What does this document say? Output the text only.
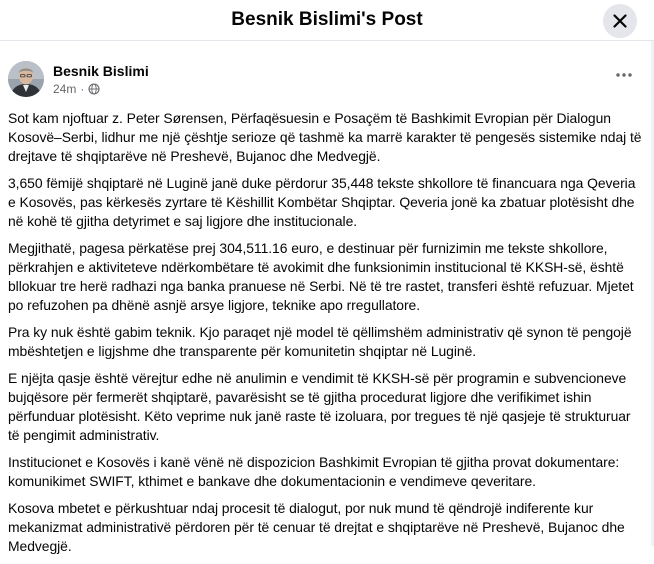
Besnik Bislimi's Post
Besnik Bislimi
24m ·

Sot kam njoftuar z. Peter Sørensen, Përfaqësuesin e Posaçëm të Bashkimit Evropian për Dialogun Kosovë–Serbi, lidhur me një çështje serioze që tashmë ka marrë karakter të pengesës sistemike ndaj të drejtave të shqiptarëve në Preshevë, Bujanoc dhe Medvegjë.

3,650 fëmijë shqiptarë në Luginë janë duke përdorur 35,448 tekste shkollore të financuara nga Qeveria e Kosovës, pas kërkesës zyrtare të Këshillit Kombëtar Shqiptar. Qeveria jonë ka zbatuar plotësisht dhe në kohë të gjitha detyrimet e saj ligjore dhe institucionale.

Megjithatë, pagesa përkatëse prej 304,511.16 euro, e destinuar për furnizimin me tekste shkollore, përkrahjen e aktiviteteve ndërkombëtare të avokimit dhe funksionimin institucional të KKSH-së, është bllokuar tre herë radhazi nga banka pranuese në Serbi. Në të tre rastet, transferi është refuzuar. Mjetet po refuzohen pa dhënë asnjë arsye ligjore, teknike apo rregullatore.

Pra ky nuk është gabim teknik. Kjo paraqet një model të qëllimshëm administrativ që synon të pengojë mbështetjen e ligjshme dhe transparente për komunitetin shqiptar në Luginë.

E njëjta qasje është vërejtur edhe në anulimin e vendimit të KKSH-së për programin e subvencioneve bujqësore për fermerët shqiptarë, pavarësisht se të gjitha procedurat ligjore dhe verifikimet ishin përfunduar plotësisht. Këto veprime nuk janë raste të izoluara, por tregues të një qasjeje të strukturuar të pengimit administrativ.

Institucionet e Kosovës i kanë vënë në dispozicion Bashkimit Evropian të gjitha provat dokumentare: komunikimet SWIFT, kthimet e bankave dhe dokumentacionin e vendimeve qeveritare.

Kosova mbetet e përkushtuar ndaj procesit të dialogut, por nuk mund të qëndrojë indiferente kur mekanizmat administrativë përdoren për të cenuar të drejtat e shqiptarëve në Preshevë, Bujanoc dhe Medvegjë.
